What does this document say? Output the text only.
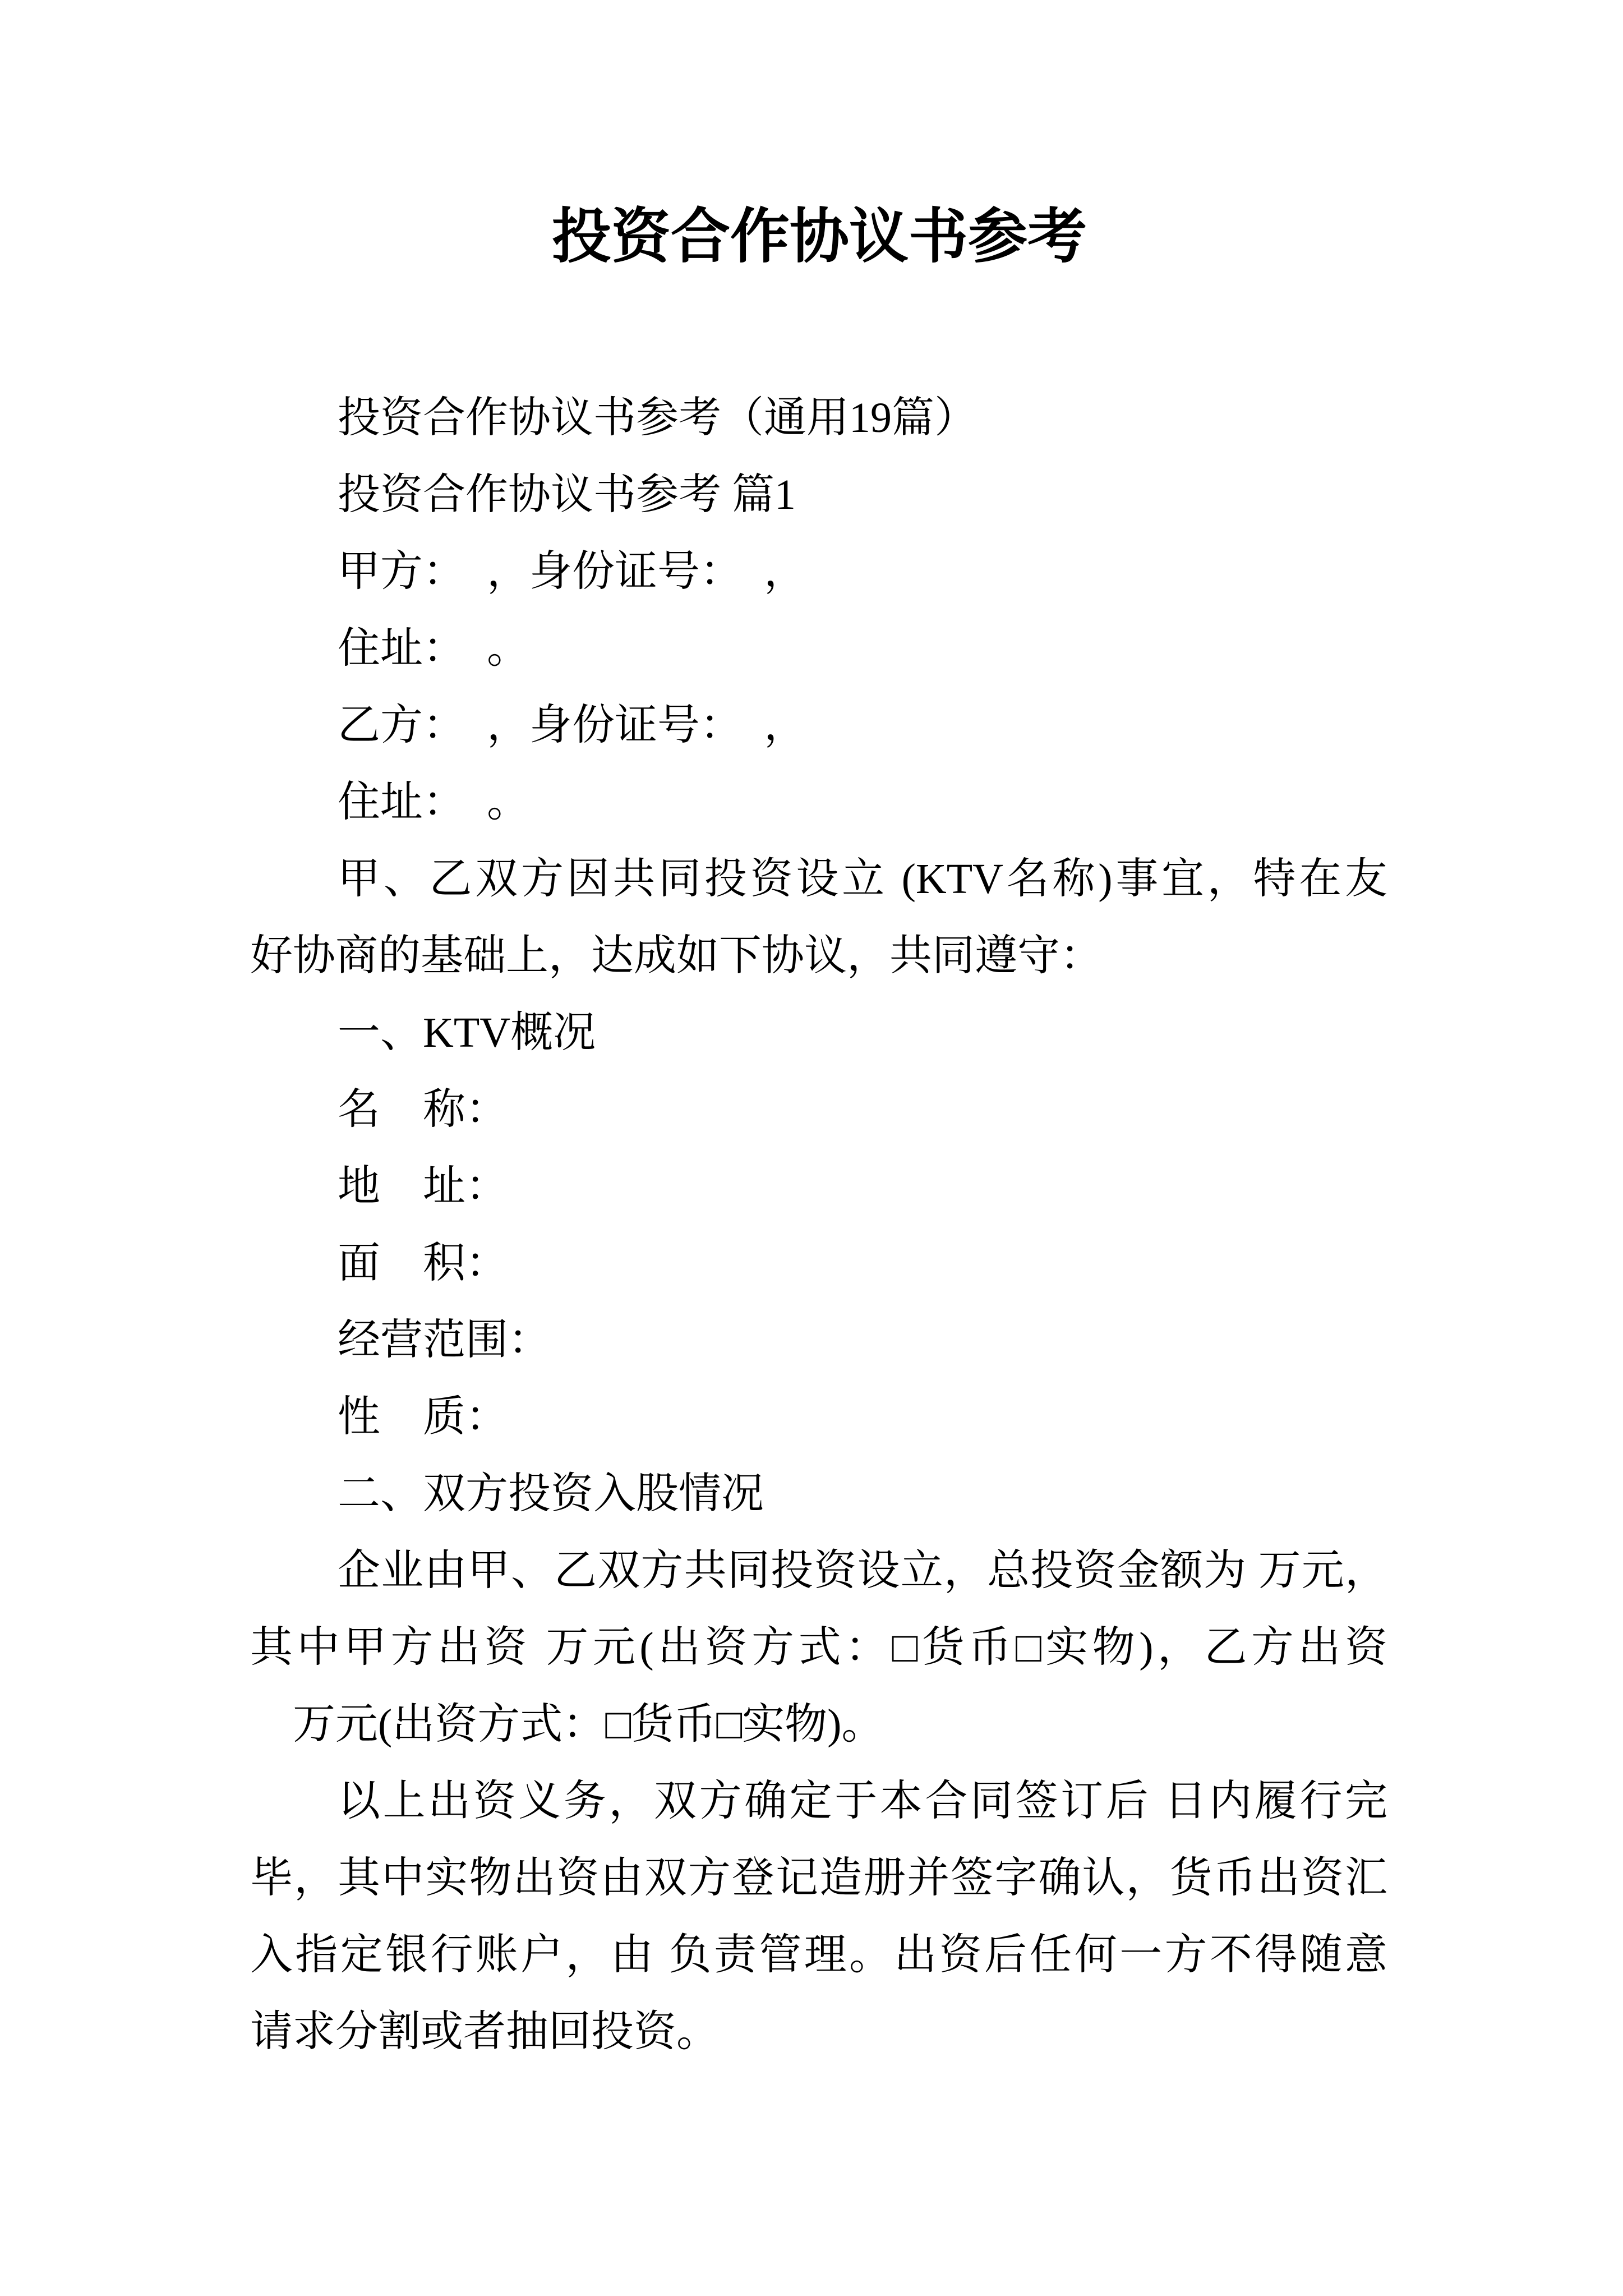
投资合作协议书参考
投资合作协议书参考（通用19篇）
投资合作协议书参考 篇1
甲方：　，身份证号：　，
住址：　。
乙方：　，身份证号：　，
住址：　。
甲、乙双方因共同投资设立 (KTV名称)事宜，特在友
好协商的基础上，达成如下协议，共同遵守：
一、KTV概况
名　称：
地　址：
面　积：
经营范围：
性　质：
二、双方投资入股情况
企业由甲、乙双方共同投资设立，总投资金额为 万元，
其中甲方出资 万元(出资方式：□货币□实物)，乙方出资
　万元(出资方式：□货币□实物)。
以上出资义务，双方确定于本合同签订后 日内履行完
毕，其中实物出资由双方登记造册并签字确认，货币出资汇
入指定银行账户，由 负责管理。出资后任何一方不得随意
请求分割或者抽回投资。
